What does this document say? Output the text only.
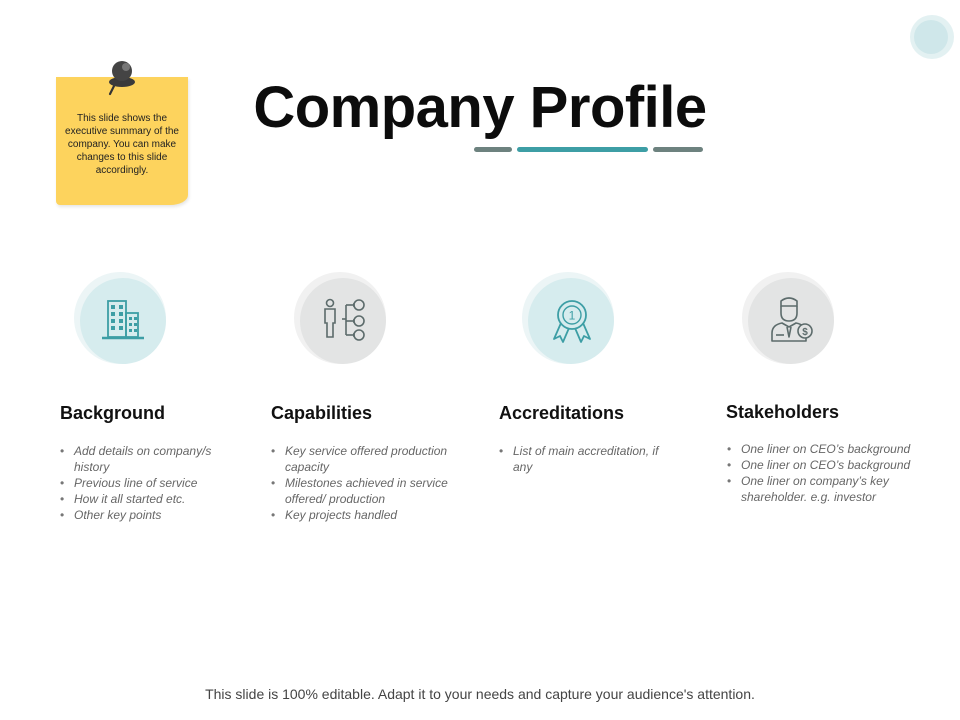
This slide shows the executive summary of the company. You can make changes to this slide accordingly.
Company Profile
Background
• Add details on company/s history
• Previous line of service
• How it all started etc.
• Other key points
Capabilities
• Key service offered production capacity
• Milestones achieved in service offered/ production
• Key projects handled
1
Accreditations
• List of main accreditation, if any
$
Stakeholders
• One liner on CEO’s background
• One liner on CEO’s background
• One liner on company’s key shareholder. e.g. investor
This slide is 100% editable. Adapt it to your needs and capture your audience's attention.
